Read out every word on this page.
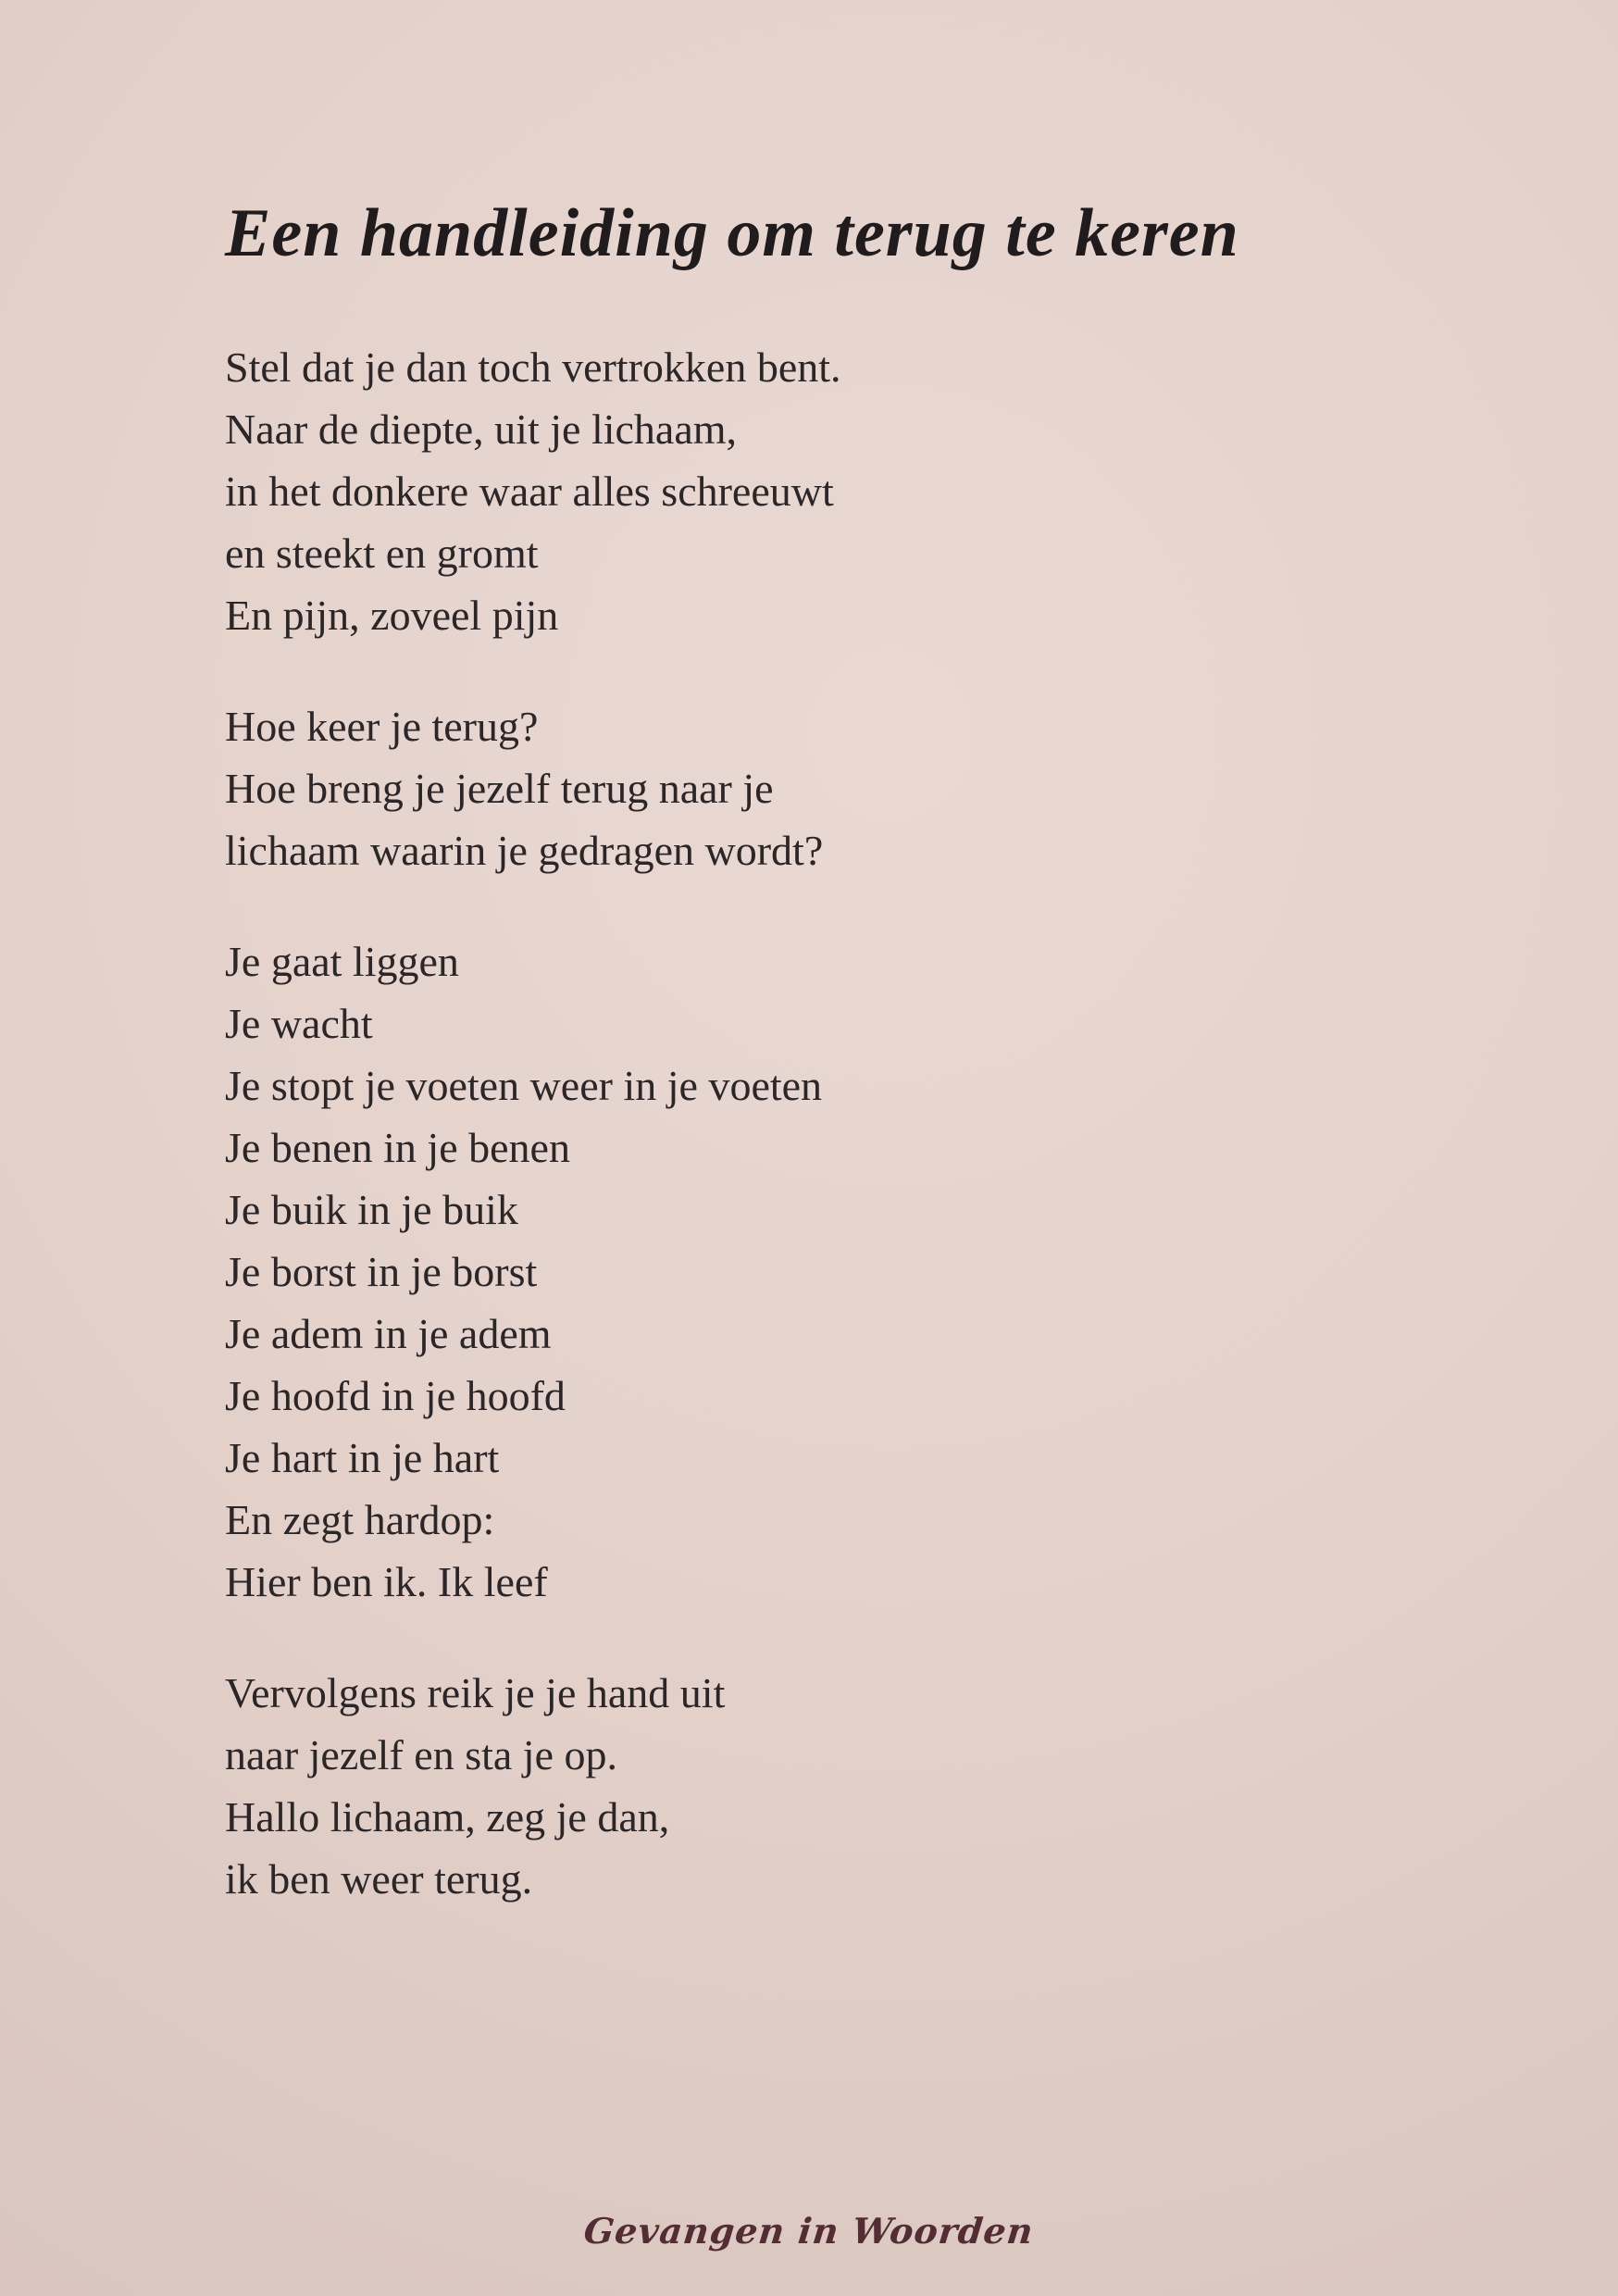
Een handleiding om terug te keren
Stel dat je dan toch vertrokken bent.
Naar de diepte, uit je lichaam,
in het donkere waar alles schreeuwt
en steekt en gromt
En pijn, zoveel pijn
Hoe keer je terug?
Hoe breng je jezelf terug naar je
lichaam waarin je gedragen wordt?
Je gaat liggen
Je wacht
Je stopt je voeten weer in je voeten
Je benen in je benen
Je buik in je buik
Je borst in je borst
Je adem in je adem
Je hoofd in je hoofd
Je hart in je hart
En zegt hardop:
Hier ben ik. Ik leef
Vervolgens reik je je hand uit
naar jezelf en sta je op.
Hallo lichaam, zeg je dan,
ik ben weer terug.
Gevangen in Woorden
